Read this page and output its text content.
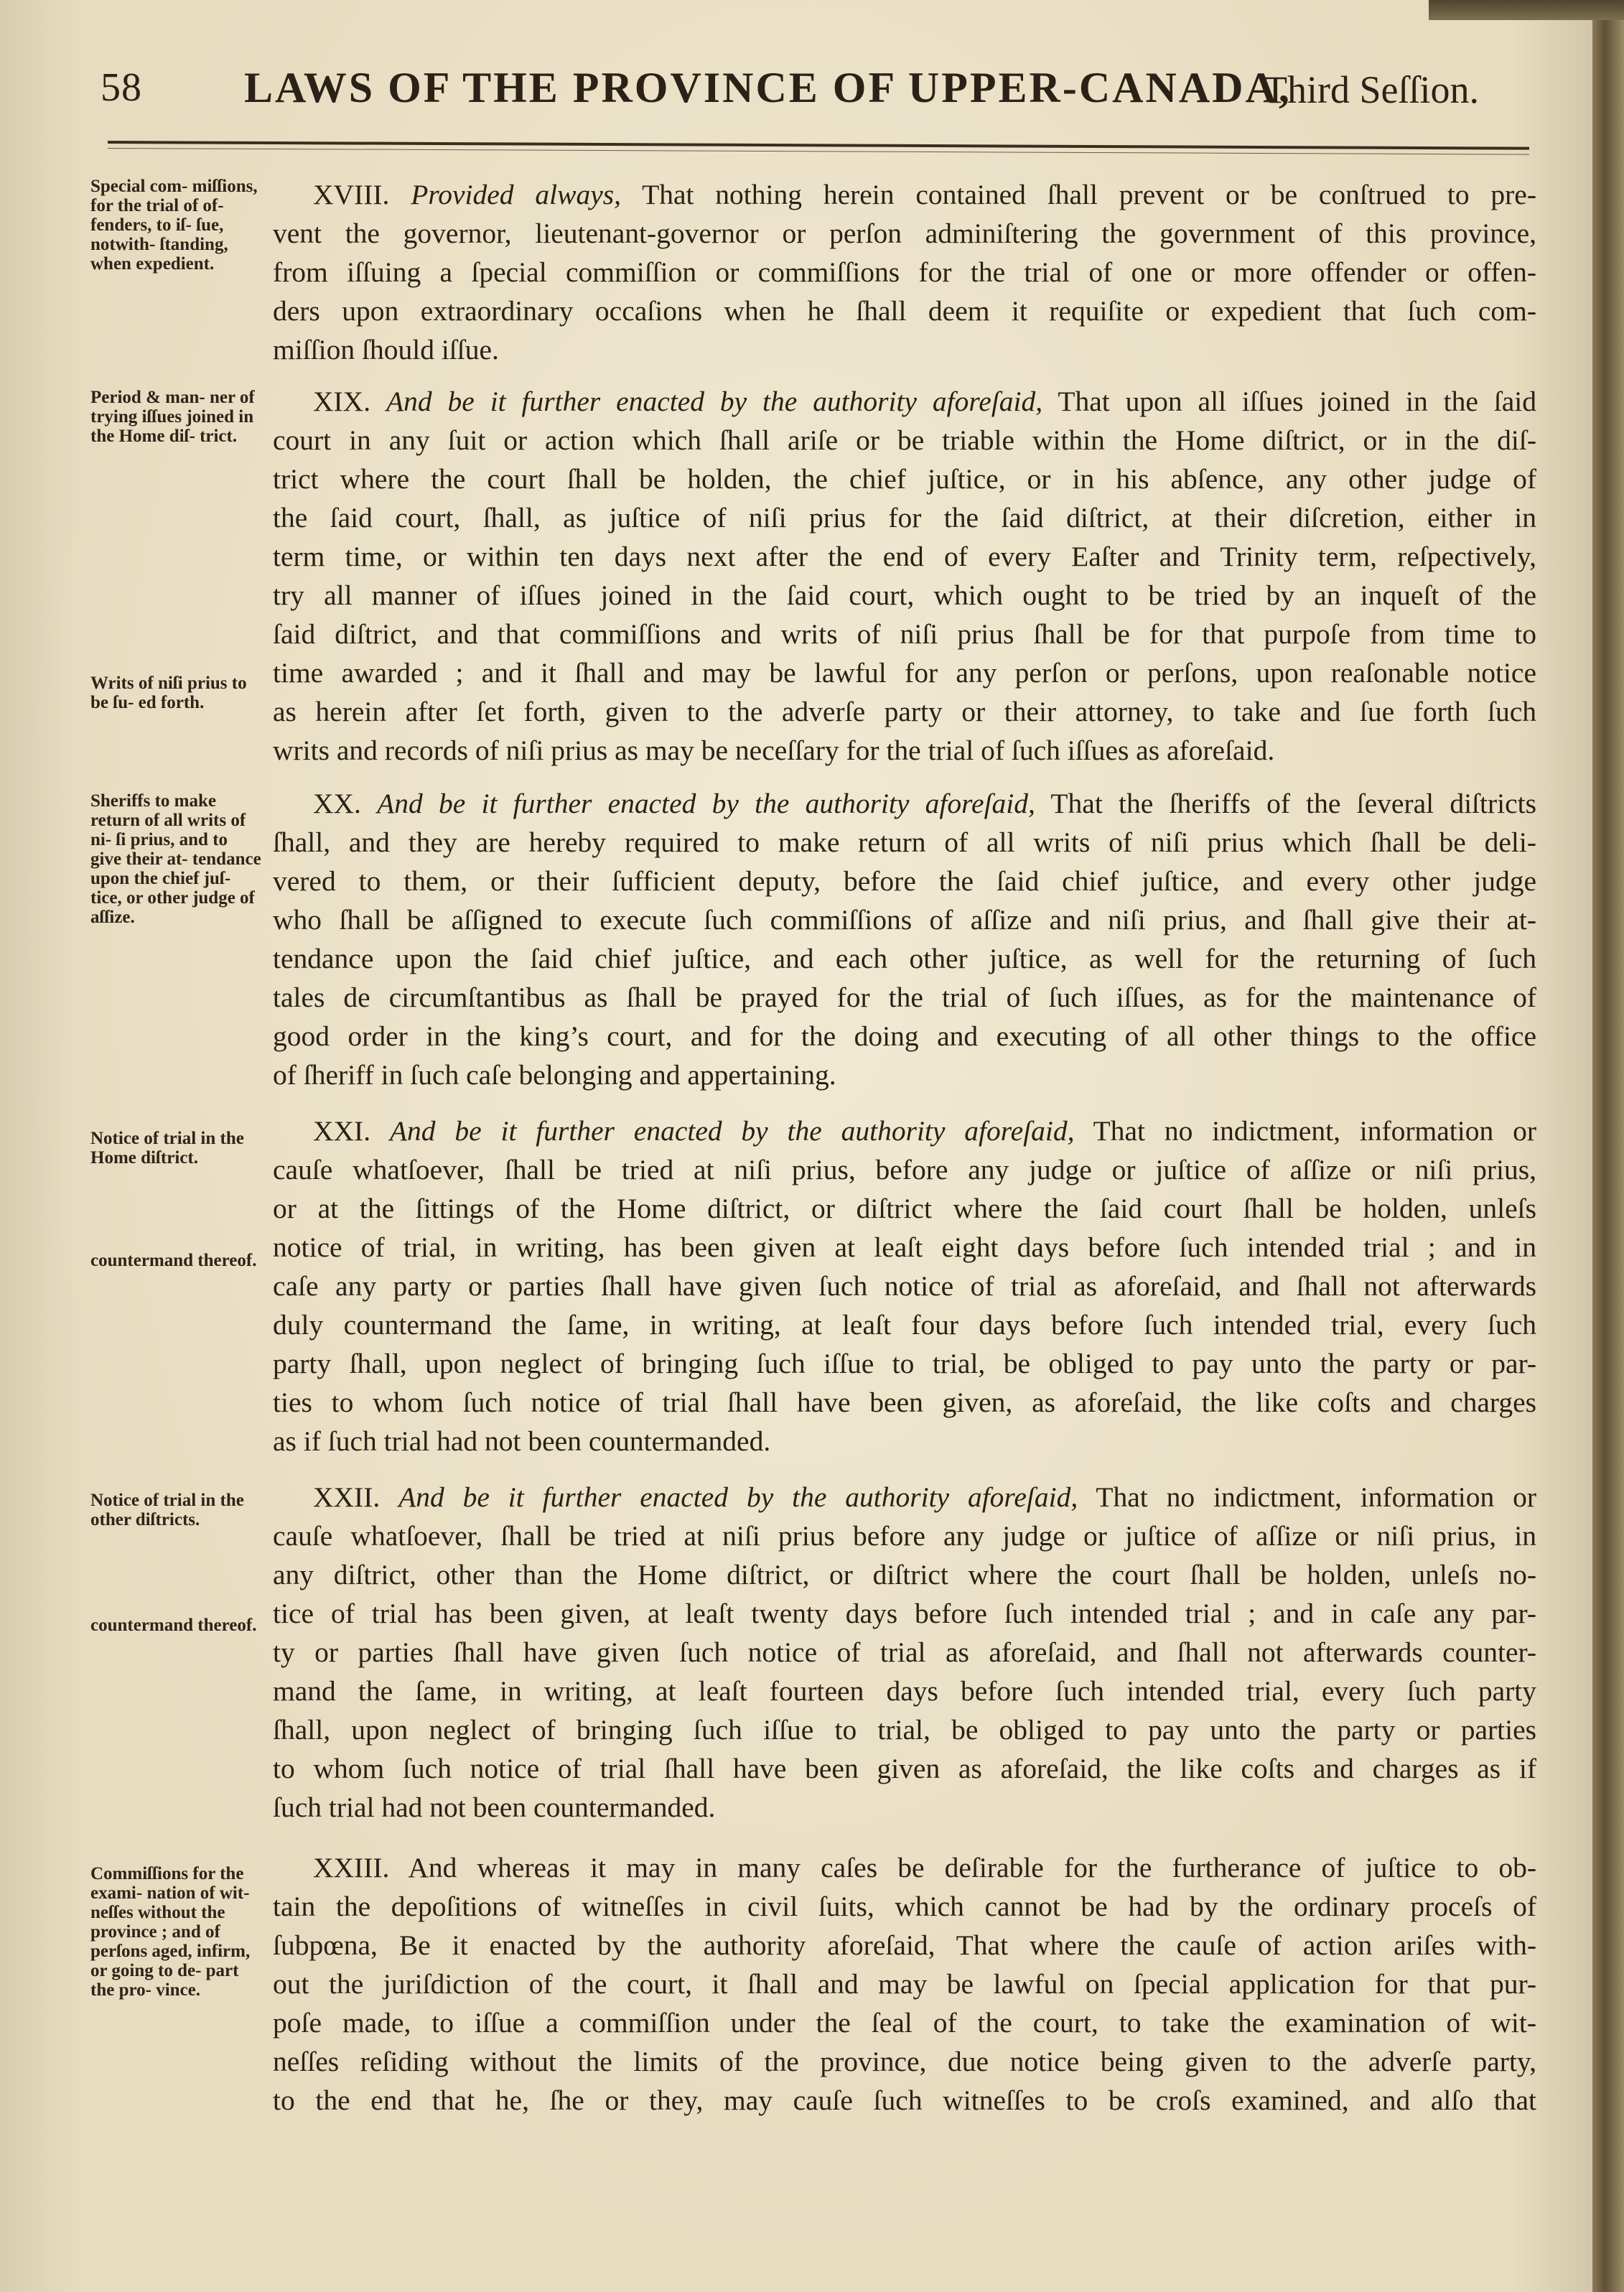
58 LAWS OF THE PROVINCE OF UPPER-CANADA,
Third Seſſion.
Special com- miſſions, for the trial of of- fenders, to iſ- ſue, notwith- ſtanding, when expedient.
Period & man- ner of trying iſſues joined in the Home diſ- trict.
Writs of niſi prius to be ſu- ed forth.
Sheriffs to make return of all writs of ni- ſi prius, and to give their at- tendance upon the chief juſ- tice, or other judge of aſſize.
Notice of trial in the Home diſtrict.
countermand thereof.
Notice of trial in the other diſtricts.
countermand thereof.
Commiſſions for the exami- nation of wit- neſſes without the province ; and of perſons aged, infirm, or going to de- part the pro- vince.
XVIII. Provided always, That nothing herein contained ſhall prevent or be conſtrued to pre-
vent the governor, lieutenant-governor or perſon adminiſtering the government of this province,
from iſſuing a ſpecial commiſſion or commiſſions for the trial of one or more offender or offen-
ders upon extraordinary occaſions when he ſhall deem it requiſite or expedient that ſuch com-
miſſion ſhould iſſue.
XIX. And be it further enacted by the authority aforeſaid, That upon all iſſues joined in the ſaid
court in any ſuit or action which ſhall ariſe or be triable within the Home diſtrict, or in the diſ-
trict where the court ſhall be holden, the chief juſtice, or in his abſence, any other judge of
the ſaid court, ſhall, as juſtice of niſi prius for the ſaid diſtrict, at their diſcretion, either in
term time, or within ten days next after the end of every Eaſter and Trinity term, reſpectively,
try all manner of iſſues joined in the ſaid court, which ought to be tried by an inqueſt of the
ſaid diſtrict, and that commiſſions and writs of niſi prius ſhall be for that purpoſe from time to
time awarded ; and it ſhall and may be lawful for any perſon or perſons, upon reaſonable notice
as herein after ſet forth, given to the adverſe party or their attorney, to take and ſue forth ſuch
writs and records of niſi prius as may be neceſſary for the trial of ſuch iſſues as aforeſaid.
XX. And be it further enacted by the authority aforeſaid, That the ſheriffs of the ſeveral diſtricts
ſhall, and they are hereby required to make return of all writs of niſi prius which ſhall be deli-
vered to them, or their ſufficient deputy, before the ſaid chief juſtice, and every other judge
who ſhall be aſſigned to execute ſuch commiſſions of aſſize and niſi prius, and ſhall give their at-
tendance upon the ſaid chief juſtice, and each other juſtice, as well for the returning of ſuch
tales de circumſtantibus as ſhall be prayed for the trial of ſuch iſſues, as for the maintenance of
good order in the king’s court, and for the doing and executing of all other things to the office
of ſheriff in ſuch caſe belonging and appertaining.
XXI. And be it further enacted by the authority aforeſaid, That no indictment, information or
cauſe whatſoever, ſhall be tried at niſi prius, before any judge or juſtice of aſſize or niſi prius,
or at the ſittings of the Home diſtrict, or diſtrict where the ſaid court ſhall be holden, unleſs
notice of trial, in writing, has been given at leaſt eight days before ſuch intended trial ; and in
caſe any party or parties ſhall have given ſuch notice of trial as aforeſaid, and ſhall not afterwards
duly countermand the ſame, in writing, at leaſt four days before ſuch intended trial, every ſuch
party ſhall, upon neglect of bringing ſuch iſſue to trial, be obliged to pay unto the party or par-
ties to whom ſuch notice of trial ſhall have been given, as aforeſaid, the like coſts and charges
as if ſuch trial had not been countermanded.
XXII. And be it further enacted by the authority aforeſaid, That no indictment, information or
cauſe whatſoever, ſhall be tried at niſi prius before any judge or juſtice of aſſize or niſi prius, in
any diſtrict, other than the Home diſtrict, or diſtrict where the court ſhall be holden, unleſs no-
tice of trial has been given, at leaſt twenty days before ſuch intended trial ; and in caſe any par-
ty or parties ſhall have given ſuch notice of trial as aforeſaid, and ſhall not afterwards counter-
mand the ſame, in writing, at leaſt fourteen days before ſuch intended trial, every ſuch party
ſhall, upon neglect of bringing ſuch iſſue to trial, be obliged to pay unto the party or parties
to whom ſuch notice of trial ſhall have been given as aforeſaid, the like coſts and charges as if
ſuch trial had not been countermanded.
XXIII. And whereas it may in many caſes be deſirable for the furtherance of juſtice to ob-
tain the depoſitions of witneſſes in civil ſuits, which cannot be had by the ordinary proceſs of
ſubpœna, Be it enacted by the authority aforeſaid, That where the cauſe of action ariſes with-
out the juriſdiction of the court, it ſhall and may be lawful on ſpecial application for that pur-
poſe made, to iſſue a commiſſion under the ſeal of the court, to take the examination of wit-
neſſes reſiding without the limits of the province, due notice being given to the adverſe party,
to the end that he, ſhe or they, may cauſe ſuch witneſſes to be croſs examined, and alſo that
